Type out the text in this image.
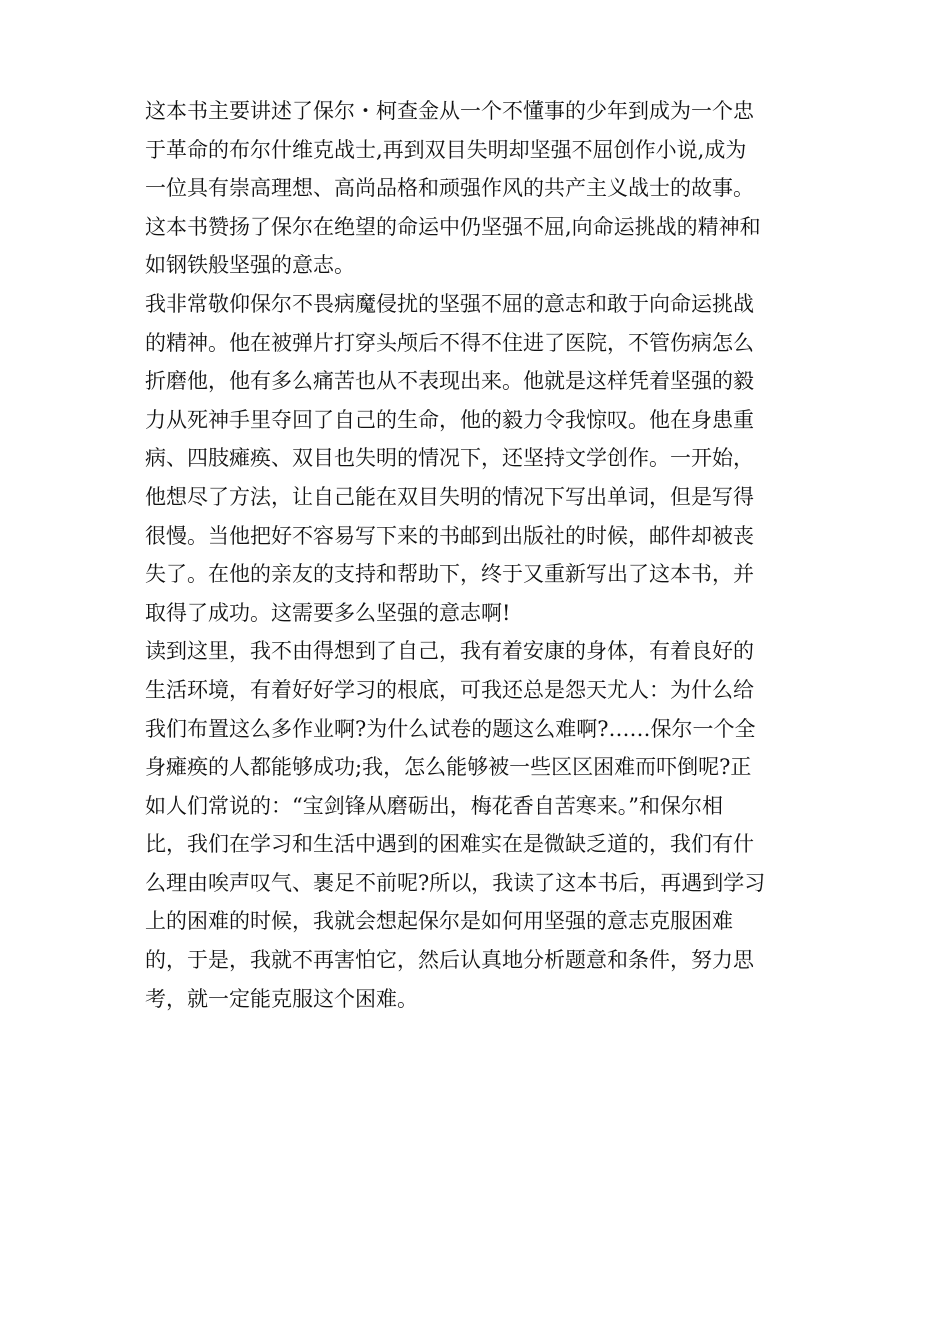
这本书主要讲述了保尔・柯查金从一个不懂事的少年到成为一个忠
于革命的布尔什维克战士,再到双目失明却坚强不屈创作小说,成为
一位具有崇高理想、高尚品格和顽强作风的共产主义战士的故事。
这本书赞扬了保尔在绝望的命运中仍坚强不屈,向命运挑战的精神和
如钢铁般坚强的意志。
我非常敬仰保尔不畏病魔侵扰的坚强不屈的意志和敢于向命运挑战
的精神。他在被弹片打穿头颅后不得不住进了医院，不管伤病怎么
折磨他，他有多么痛苦也从不表现出来。他就是这样凭着坚强的毅
力从死神手里夺回了自己的生命，他的毅力令我惊叹。他在身患重
病、四肢瘫痪、双目也失明的情况下，还坚持文学创作。一开始，
他想尽了方法，让自己能在双目失明的情况下写出单词，但是写得
很慢。当他把好不容易写下来的书邮到出版社的时候，邮件却被丧
失了。在他的亲友的支持和帮助下，终于又重新写出了这本书，并
取得了成功。这需要多么坚强的意志啊!
读到这里，我不由得想到了自己，我有着安康的身体，有着良好的
生活环境，有着好好学习的根底，可我还总是怨天尤人：为什么给
我们布置这么多作业啊?为什么试卷的题这么难啊?……保尔一个全
身瘫痪的人都能够成功;我，怎么能够被一些区区困难而吓倒呢?正
如人们常说的：“宝剑锋从磨砺出，梅花香自苦寒来。”和保尔相
比，我们在学习和生活中遇到的困难实在是微缺乏道的，我们有什
么理由唉声叹气、裹足不前呢?所以，我读了这本书后，再遇到学习
上的困难的时候，我就会想起保尔是如何用坚强的意志克服困难
的，于是，我就不再害怕它，然后认真地分析题意和条件，努力思
考，就一定能克服这个困难。
